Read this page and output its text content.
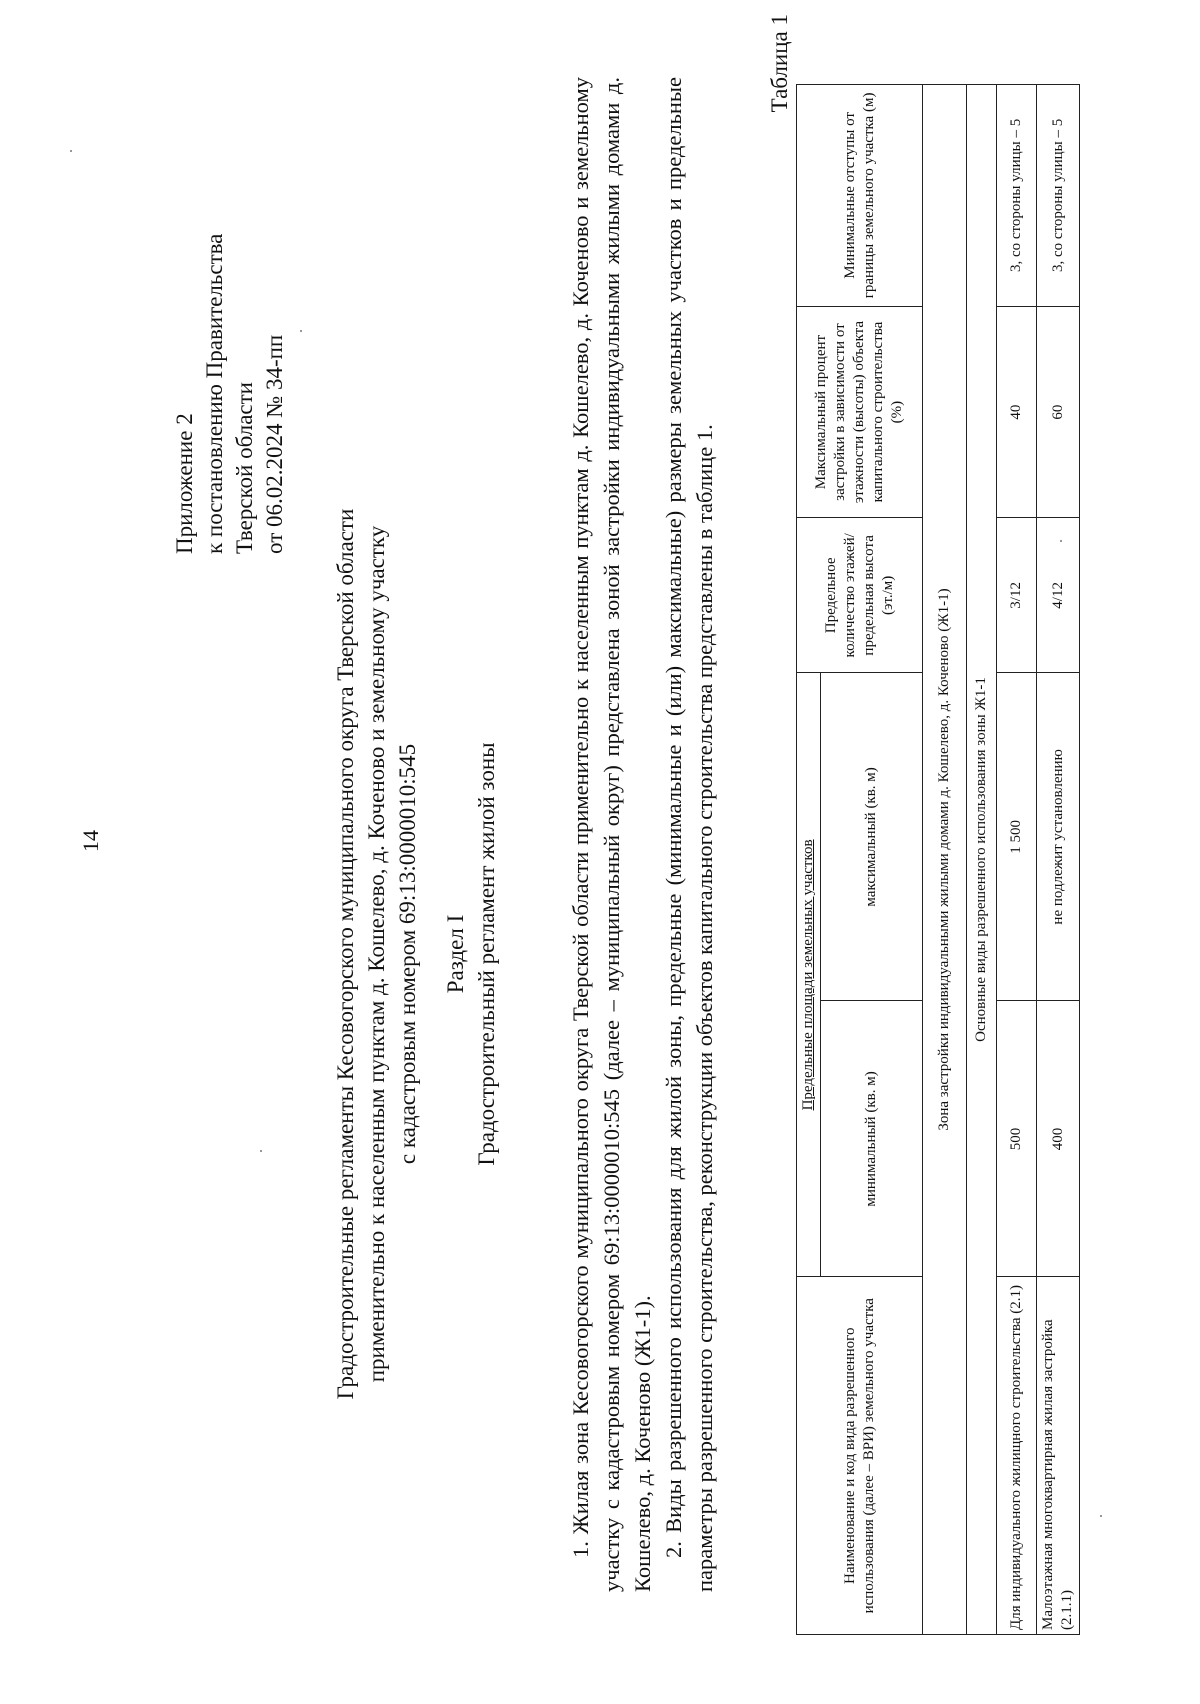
14
Приложение 2 к постановлению Правительства Тверской области от 06.02.2024 № 34-пп
Градостроительные регламенты Кесовогорского муниципального округа Тверской области применительно к населенным пунктам д. Кошелево, д. Коченово и земельному участку с кадастровым номером 69:13:0000010:545 Раздел I Градостроительный регламент жилой зоны	1. Жилая зона Кесовогорского муниципального округа Тверской области применительно к населенным пунктам д. Кошелево, д. Коченово и земельному участку с кадастровым номером 69:13:0000010:545 (далее – муниципальный округ) представлена зоной застройки индивидуальными жилыми домами д. Кошелево, д. Коченово (Ж1-1). 2. Виды разрешенного использования для жилой зоны, предельные (минимальные и (или) максимальные) размеры земельных участков и предельные параметры разрешенного строительства, реконструкции объектов капитального строительства представлены в таблице 1.

Таблица 1
Наименование и код вида разрешенного использования (далее – ВРИ) земельного участка	Предельные площади земельных участков		Предельное количество этажей/ предельная высота (эт./м)	Максимальный процент застройки в зависимости от этажности (высоты) объекта капитального строительства (%)	Минимальные отступы от границы земельного участка (м)
	минимальный (кв. м)	максимальный (кв. м)			
Зона застройки индивидуальными жилыми домами д. Кошелево, д. Коченово (Ж1-1)					
Основные виды разрешенного использования зоны Ж1-1					
Для индивидуального жилищного строительства (2.1)	500	1 500	3/12	40	3, со стороны улицы – 5
Малоэтажная многоквартирная жилая застройка (2.1.1)	400	не подлежит установлению	4/12	60	3, со стороны улицы – 5
